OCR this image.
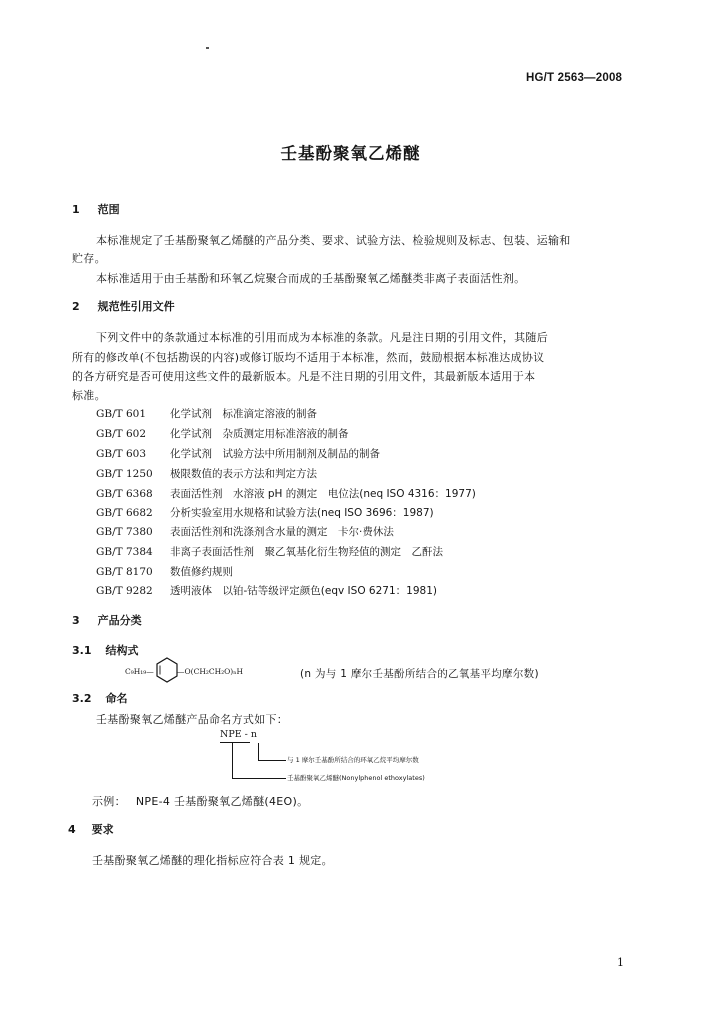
HG/T 2563—2008
壬基酚聚氧乙烯醚
1 范围
本标准规定了壬基酚聚氧乙烯醚的产品分类、要求、试验方法、检验规则及标志、包装、运输和
贮存。
本标准适用于由壬基酚和环氧乙烷聚合而成的壬基酚聚氧乙烯醚类非离子表面活性剂。
2 规范性引用文件
下列文件中的条款通过本标准的引用而成为本标准的条款。凡是注日期的引用文件，其随后
所有的修改单(不包括勘误的内容)或修订版均不适用于本标准，然而，鼓励根据本标准达成协议
的各方研究是否可使用这些文件的最新版本。凡是不注日期的引用文件，其最新版本适用于本
标准。
GB/T 601 化学试剂　标准滴定溶液的制备
GB/T 602 化学试剂　杂质测定用标准溶液的制备
GB/T 603 化学试剂　试验方法中所用制剂及制品的制备
GB/T 1250 极限数值的表示方法和判定方法
GB/T 6368 表面活性剂　水溶液 pH 的测定　电位法(neq ISO 4316：1977)
GB/T 6682 分析实验室用水规格和试验方法(neq ISO 3696：1987)
GB/T 7380 表面活性剂和洗涤剂含水量的测定　卡尔·费休法
GB/T 7384 非离子表面活性剂　聚乙氧基化衍生物羟值的测定　乙酐法
GB/T 8170 数值修约规则
GB/T 9282 透明液体　以铂-钴等级评定颜色(eqv ISO 6271：1981)
3 产品分类
3.1 结构式
C₉H₁₉—	—O(CH₂CH₂O)ₙH	(n 为与 1 摩尔壬基酚所结合的乙氧基平均摩尔数)
3.2 命名
壬基酚聚氧乙烯醚产品命名方式如下：
NPE - n
与 1 摩尔壬基酚所结合的环氧乙烷平均摩尔数
壬基酚聚氧乙烯醚(Nonylphenol ethoxylates)
示例： NPE-4 壬基酚聚氧乙烯醚(4EO)。
4 要求
壬基酚聚氧乙烯醚的理化指标应符合表 1 规定。
1
